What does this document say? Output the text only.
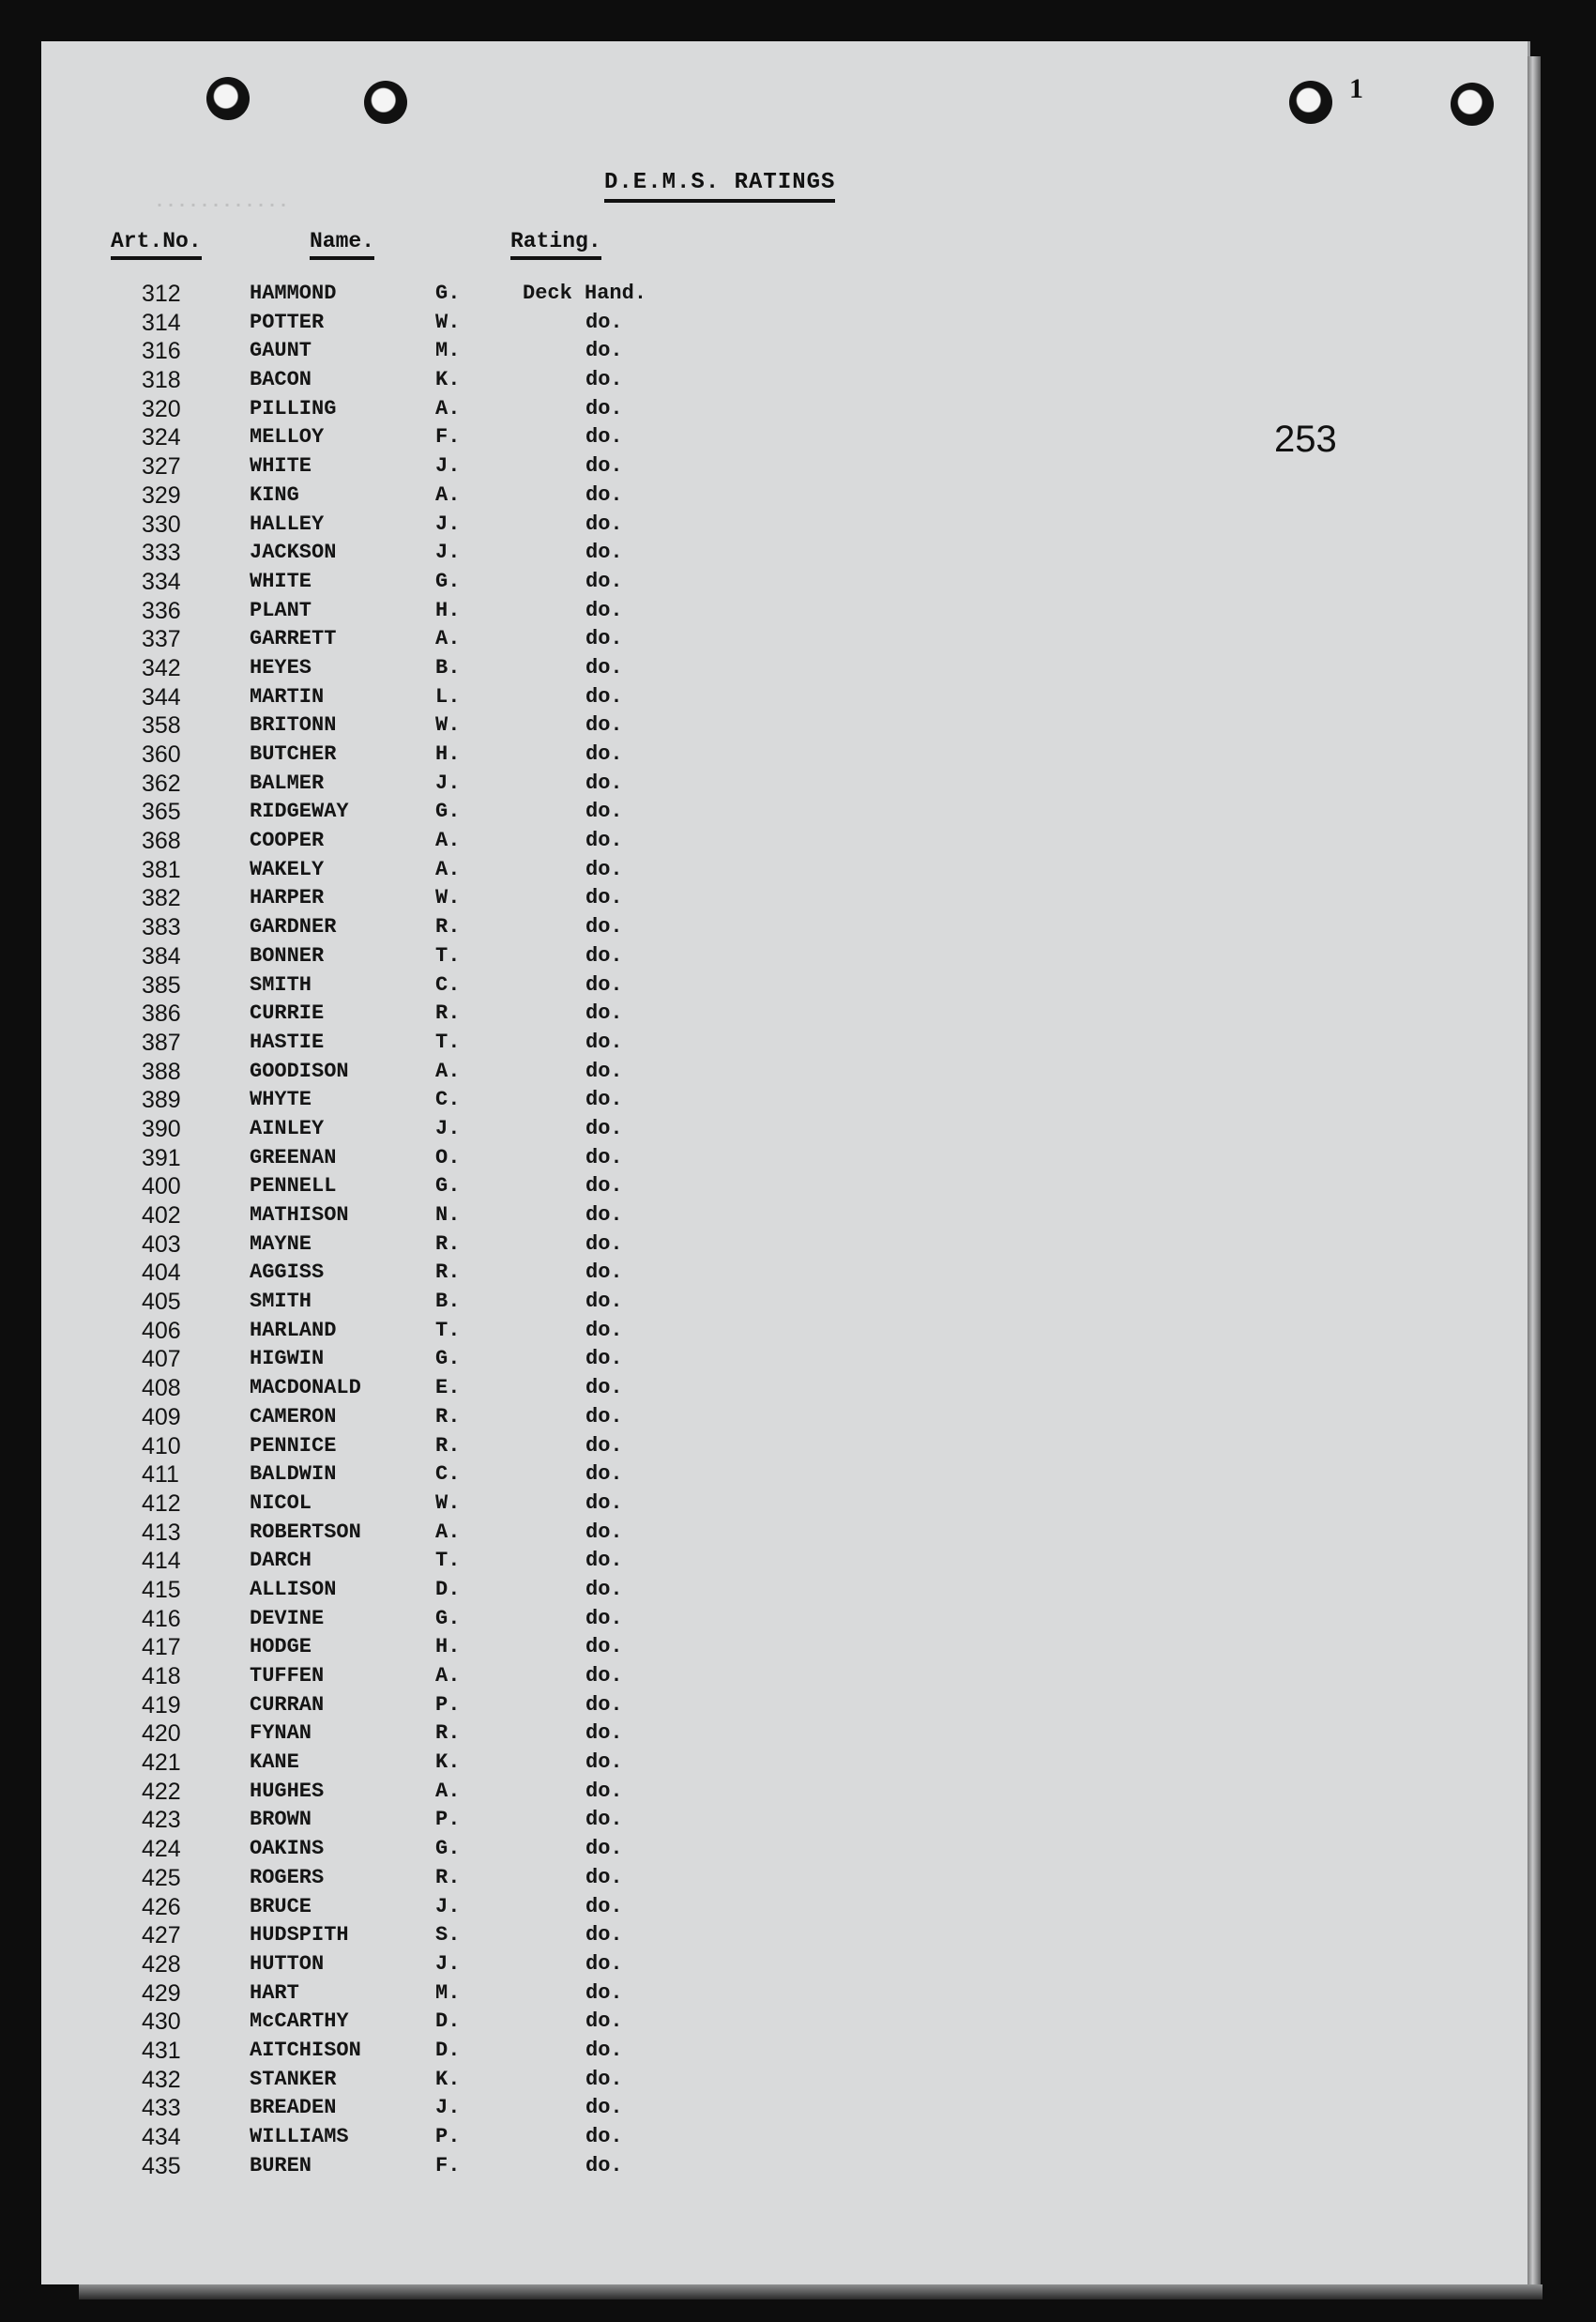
1
............
D.E.M.S. RATINGS
Art.No.	Name.	Rating.
253
312	HAMMOND	G.	Deck Hand.
314	POTTER	W.	do.
316	GAUNT	M.	do.
318	BACON	K.	do.
320	PILLING	A.	do.
324	MELLOY	F.	do.
327	WHITE	J.	do.
329	KING	A.	do.
330	HALLEY	J.	do.
333	JACKSON	J.	do.
334	WHITE	G.	do.
336	PLANT	H.	do.
337	GARRETT	A.	do.
342	HEYES	B.	do.
344	MARTIN	L.	do.
358	BRITONN	W.	do.
360	BUTCHER	H.	do.
362	BALMER	J.	do.
365	RIDGEWAY	G.	do.
368	COOPER	A.	do.
381	WAKELY	A.	do.
382	HARPER	W.	do.
383	GARDNER	R.	do.
384	BONNER	T.	do.
385	SMITH	C.	do.
386	CURRIE	R.	do.
387	HASTIE	T.	do.
388	GOODISON	A.	do.
389	WHYTE	C.	do.
390	AINLEY	J.	do.
391	GREENAN	O.	do.
400	PENNELL	G.	do.
402	MATHISON	N.	do.
403	MAYNE	R.	do.
404	AGGISS	R.	do.
405	SMITH	B.	do.
406	HARLAND	T.	do.
407	HIGWIN	G.	do.
408	MACDONALD	E.	do.
409	CAMERON	R.	do.
410	PENNICE	R.	do.
411	BALDWIN	C.	do.
412	NICOL	W.	do.
413	ROBERTSON	A.	do.
414	DARCH	T.	do.
415	ALLISON	D.	do.
416	DEVINE	G.	do.
417	HODGE	H.	do.
418	TUFFEN	A.	do.
419	CURRAN	P.	do.
420	FYNAN	R.	do.
421	KANE	K.	do.
422	HUGHES	A.	do.
423	BROWN	P.	do.
424	OAKINS	G.	do.
425	ROGERS	R.	do.
426	BRUCE	J.	do.
427	HUDSPITH	S.	do.
428	HUTTON	J.	do.
429	HART	M.	do.
430	McCARTHY	D.	do.
431	AITCHISON	D.	do.
432	STANKER	K.	do.
433	BREADEN	J.	do.
434	WILLIAMS	P.	do.
435	BUREN	F.	do.
